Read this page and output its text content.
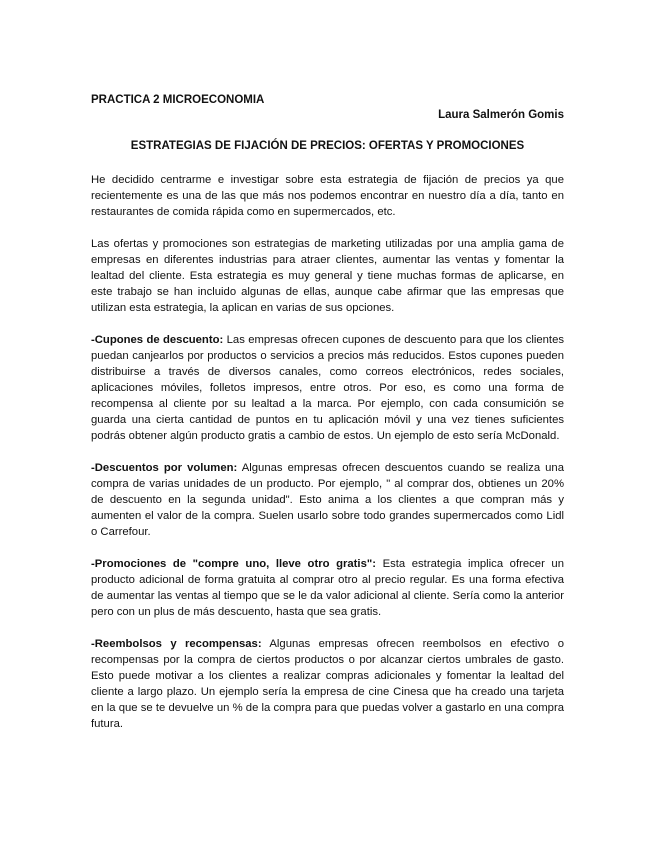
PRACTICA 2 MICROECONOMIA

Laura Salmerón Gomis

ESTRATEGIAS DE FIJACIÓN DE PRECIOS: OFERTAS Y PROMOCIONES

He decidido centrarme e investigar sobre esta estrategia de fijación de precios ya que recientemente es una de las que más nos podemos encontrar en nuestro día a día, tanto en restaurantes de comida rápida como en supermercados, etc.

Las ofertas y promociones son estrategias de marketing utilizadas por una amplia gama de empresas en diferentes industrias para atraer clientes, aumentar las ventas y fomentar la lealtad del cliente. Esta estrategia es muy general y tiene muchas formas de aplicarse, en este trabajo se han incluido algunas de ellas, aunque cabe afirmar que las empresas que utilizan esta estrategia, la aplican en varias de sus opciones.

-Cupones de descuento: Las empresas ofrecen cupones de descuento para que los clientes puedan canjearlos por productos o servicios a precios más reducidos. Estos cupones pueden distribuirse a través de diversos canales, como correos electrónicos, redes sociales, aplicaciones móviles, folletos impresos, entre otros. Por eso, es como una forma de recompensa al cliente por su lealtad a la marca. Por ejemplo, con cada consumición se guarda una cierta cantidad de puntos en tu aplicación móvil y una vez tienes suficientes podrás obtener algún producto gratis a cambio de estos. Un ejemplo de esto sería McDonald.

-Descuentos por volumen: Algunas empresas ofrecen descuentos cuando se realiza una compra de varias unidades de un producto. Por ejemplo, " al comprar dos, obtienes un 20% de descuento en la segunda unidad". Esto anima a los clientes a que compran más y aumenten el valor de la compra. Suelen usarlo sobre todo grandes supermercados como Lidl o Carrefour.

-Promociones de "compre uno, lleve otro gratis": Esta estrategia implica ofrecer un producto adicional de forma gratuita al comprar otro al precio regular. Es una forma efectiva de aumentar las ventas al tiempo que se le da valor adicional al cliente. Sería como la anterior pero con un plus de más descuento, hasta que sea gratis.

-Reembolsos y recompensas: Algunas empresas ofrecen reembolsos en efectivo o recompensas por la compra de ciertos productos o por alcanzar ciertos umbrales de gasto. Esto puede motivar a los clientes a realizar compras adicionales y fomentar la lealtad del cliente a largo plazo. Un ejemplo sería la empresa de cine Cinesa que ha creado una tarjeta en la que se te devuelve un % de la compra para que puedas volver a gastarlo en una compra futura.
